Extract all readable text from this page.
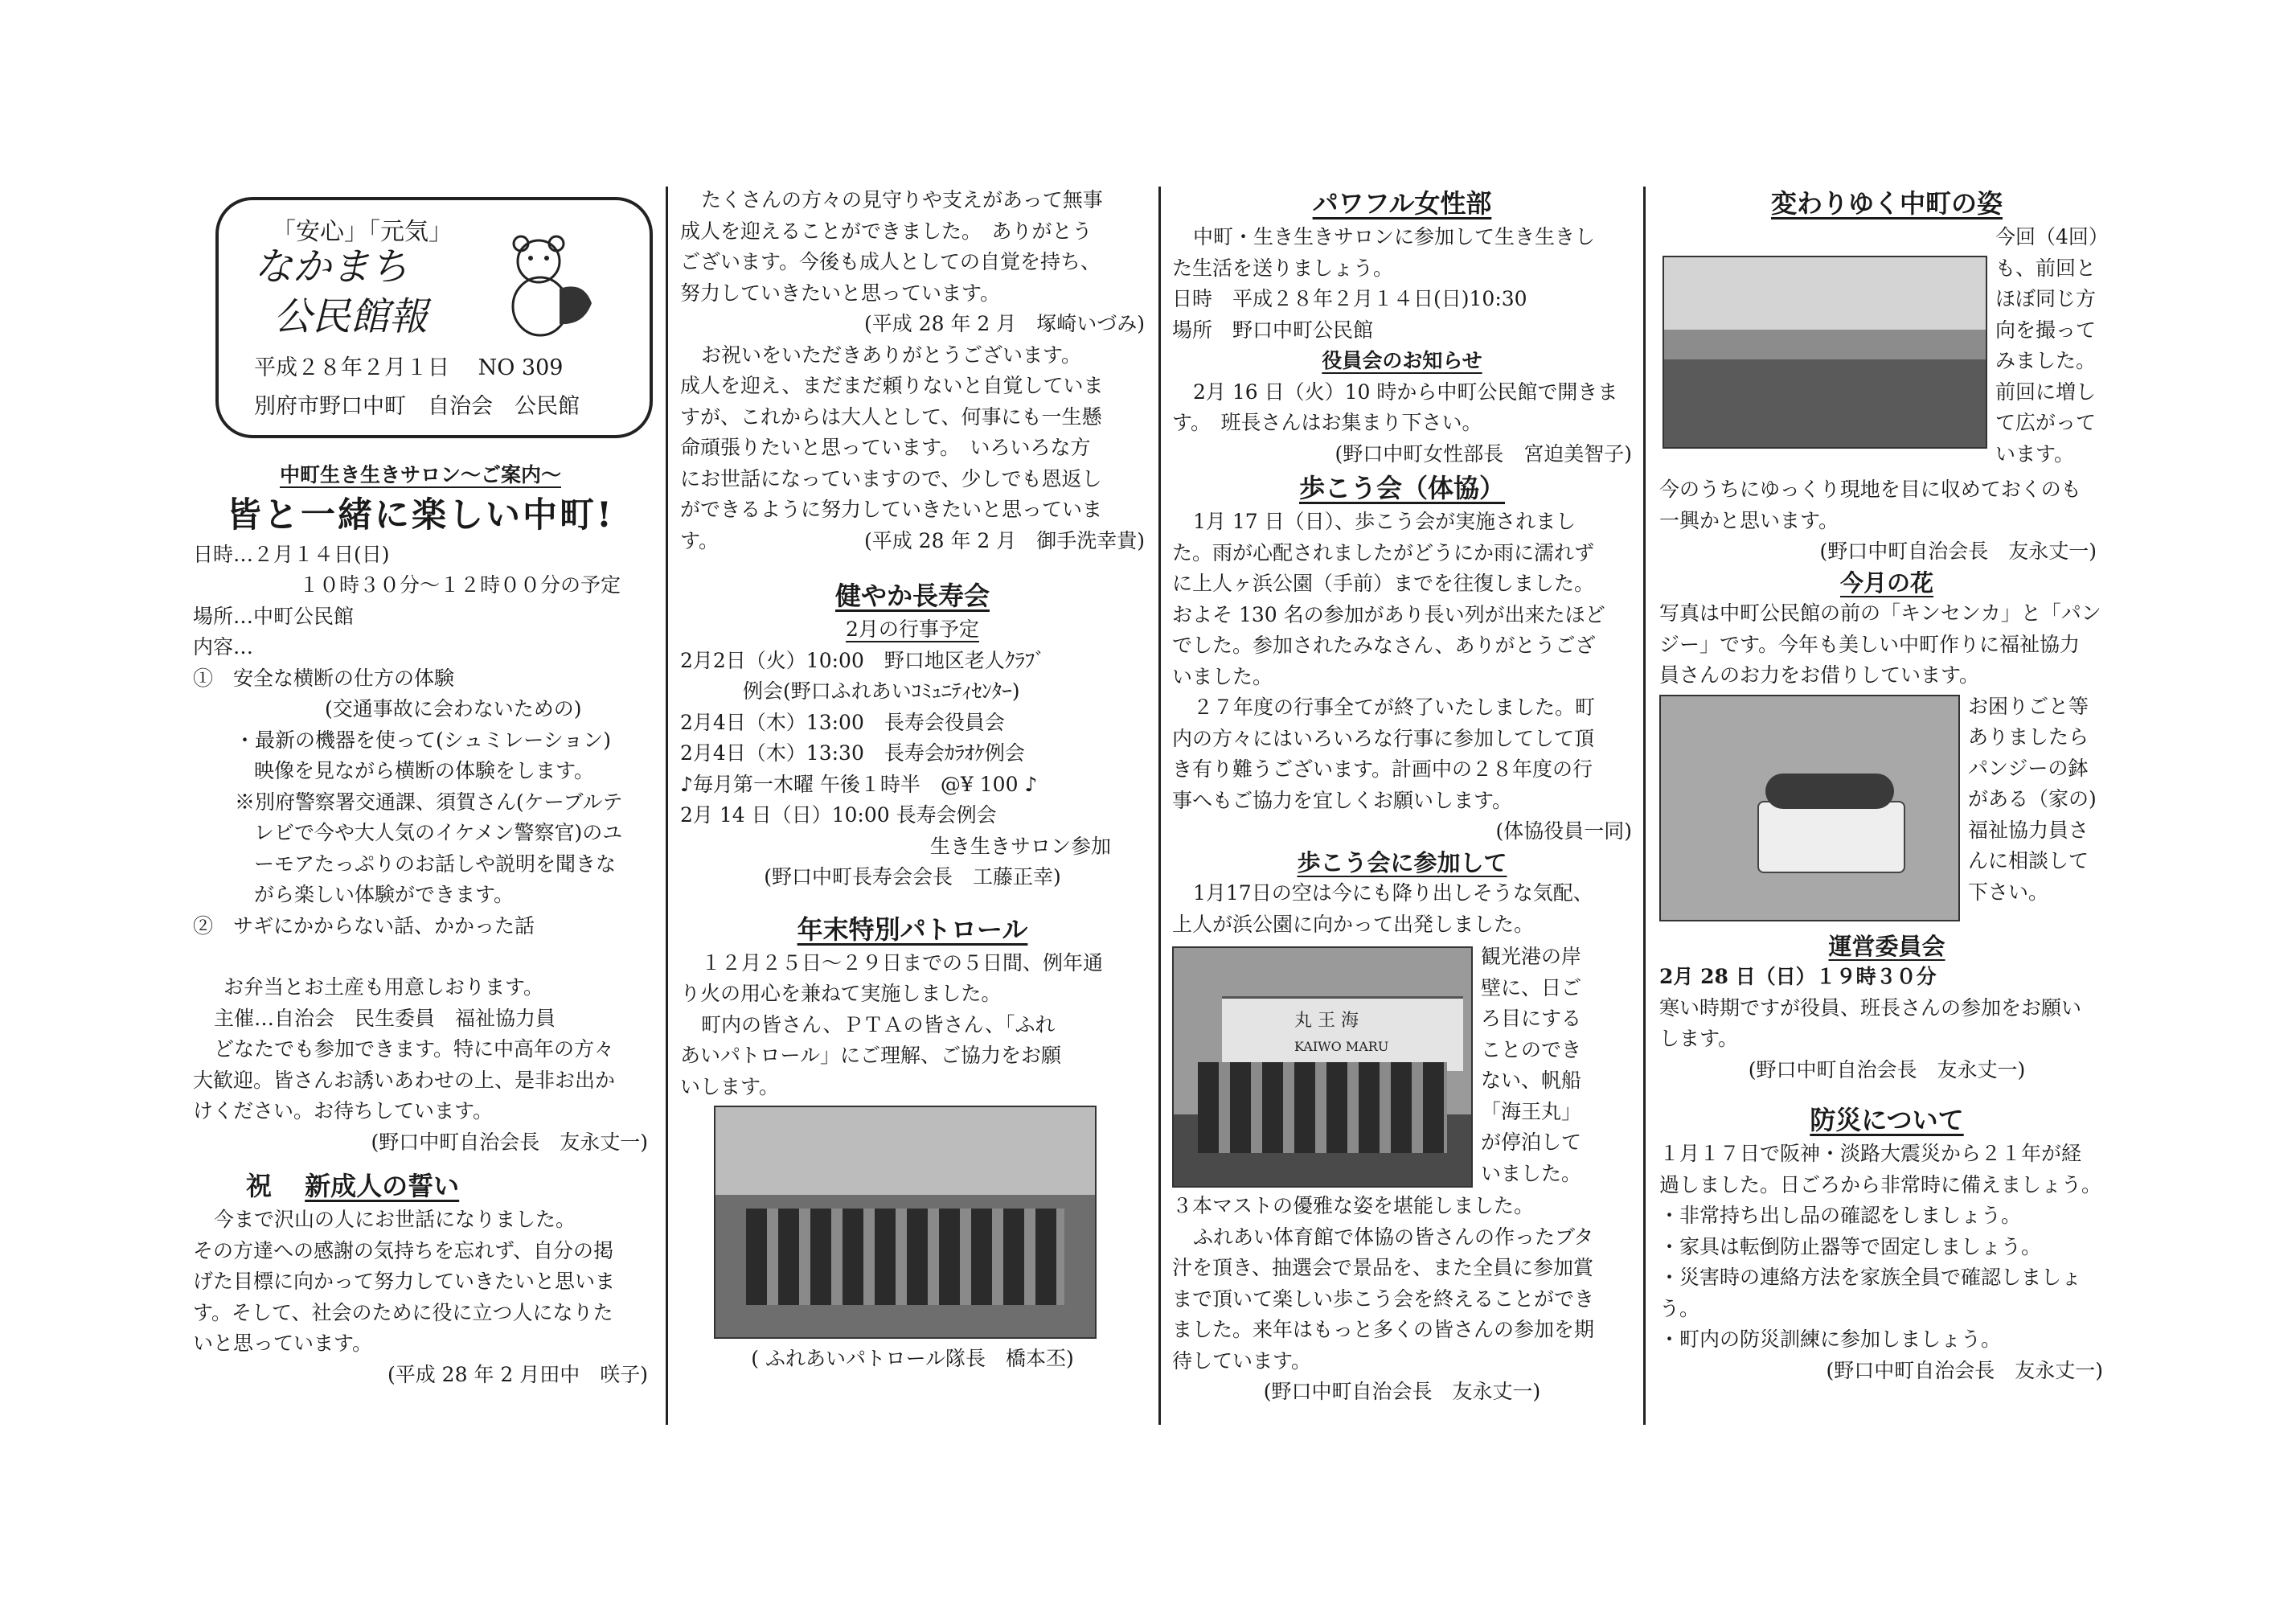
「安心」「元気」
なかまち
公民館報
平成２８年２月１日　 NO 309
別府市野口中町　自治会　公民館

中町生き生きサロン～ご案内～

皆と一緒に楽しい中町!

日時…２月１４日(日)

１０時３０分～１２時００分の予定

場所…中町公民館

内容…

①　安全な横断の仕方の体験

(交通事故に会わないための)

・最新の機器を使って(シュミレーション)

映像を見ながら横断の体験をします。

※別府警察署交通課、須賀さん(ケーブルテ

レビで今や大人気のイケメン警察官)のユ

ーモアたっぷりのお話しや説明を聞きな

がら楽しい体験ができます。

②　サギにかからない話、かかった話

お弁当とお土産も用意しおります。

主催…自治会　民生委員　福祉協力員

どなたでも参加できます。特に中高年の方々

大歓迎。皆さんお誘いあわせの上、是非お出か

けください。お待ちしています。

(野口中町自治会長　友永丈一)

祝 新成人の誓い

今まで沢山の人にお世話になりました。

その方達への感謝の気持ちを忘れず、自分の掲

げた目標に向かって努力していきたいと思いま

す。そして、社会のために役に立つ人になりた

いと思っています。

(平成 28 年 2 月田中　咲子)

たくさんの方々の見守りや支えがあって無事

成人を迎えることができました。　ありがとう

ございます。今後も成人としての自覚を持ち、

努力していきたいと思っています。

(平成 28 年 2 月　塚崎いづみ)

お祝いをいただきありがとうございます。

成人を迎え、まだまだ頼りないと自覚していま

すが、これからは大人として、何事にも一生懸

命頑張りたいと思っています。　いろいろな方

にお世話になっていますので、少しでも恩返し

ができるように努力していきたいと思っていま

す。	(平成 28 年 2 月　御手洗幸貴)

健やか長寿会

2月の行事予定

2月2日（火）10:00　野口地区老人ｸﾗﾌﾞ

例会(野口ふれあいｺﾐｭﾆﾃｨｾﾝﾀｰ)

2月4日（木）13:00　長寿会役員会

2月4日（木）13:30　長寿会ｶﾗｵｹ例会

♪毎月第一木曜 午後１時半　@¥ 100 ♪

2月 14 日（日）10:00 長寿会例会

生き生きサロン参加

(野口中町長寿会会長　工藤正幸)

年末特別パトロール

１２月２５日～２９日までの５日間、例年通

り火の用心を兼ねて実施しました。

町内の皆さん、ＰＴＡの皆さん、「ふれ

あいパトロール」にご理解、ご協力をお願

いします。

( ふれあいパトロール隊長　橋本丕)

パワフル女性部

中町・生き生きサロンに参加して生き生きし

た生活を送りましょう。

日時　平成２８年２月１４日(日)10:30

場所　野口中町公民館

役員会のお知らせ

2月 16 日（火）10 時から中町公民館で開きま

す。　班長さんはお集まり下さい。

(野口中町女性部長　宮迫美智子)

歩こう会（体協）

1月 17 日（日）、歩こう会が実施されまし

た。雨が心配されましたがどうにか雨に濡れず

に上人ヶ浜公園（手前）までを往復しました。

およそ 130 名の参加があり長い列が出来たほど

でした。参加されたみなさん、ありがとうござ

いました。

２７年度の行事全てが終了いたしました。町

内の方々にはいろいろな行事に参加してして頂

き有り難うございます。計画中の２８年度の行

事へもご協力を宜しくお願いします。

(体協役員一同)

歩こう会に参加して

1月17日の空は今にも降り出しそうな気配、

上人が浜公園に向かって出発しました。

丸 王 海
KAIWO MARU

観光港の岸

壁に、日ご

ろ目にする

ことのでき

ない、帆船

「海王丸」

が停泊して

いました。

３本マストの優雅な姿を堪能しました。

ふれあい体育館で体協の皆さんの作ったブタ

汁を頂き、抽選会で景品を、また全員に参加賞

まで頂いて楽しい歩こう会を終えることができ

ました。来年はもっと多くの皆さんの参加を期

待しています。

(野口中町自治会長　友永丈一)

変わりゆく中町の姿

今回（4回）

も、前回と

ほぼ同じ方

向を撮って

みました。

前回に増し

て広がって

います。

今のうちにゆっくり現地を目に収めておくのも

一興かと思います。

(野口中町自治会長　友永丈一)

今月の花

写真は中町公民館の前の「キンセンカ」と「パン

ジー」です。今年も美しい中町作りに福祉協力

員さんのお力をお借りしています。

お困りごと等

ありましたら

パンジーの鉢

がある（家の)

福祉協力員さ

んに相談して

下さい。

運営委員会

2月 28 日（日）１９時３０分

寒い時期ですが役員、班長さんの参加をお願い

します。

(野口中町自治会長　友永丈一)

防災について

１月１７日で阪神・淡路大震災から２１年が経

過しました。日ごろから非常時に備えましょう。

・非常持ち出し品の確認をしましょう。

・家具は転倒防止器等で固定しましょう。

・災害時の連絡方法を家族全員で確認しましょ

う。

・町内の防災訓練に参加しましょう。

(野口中町自治会長　友永丈一)
